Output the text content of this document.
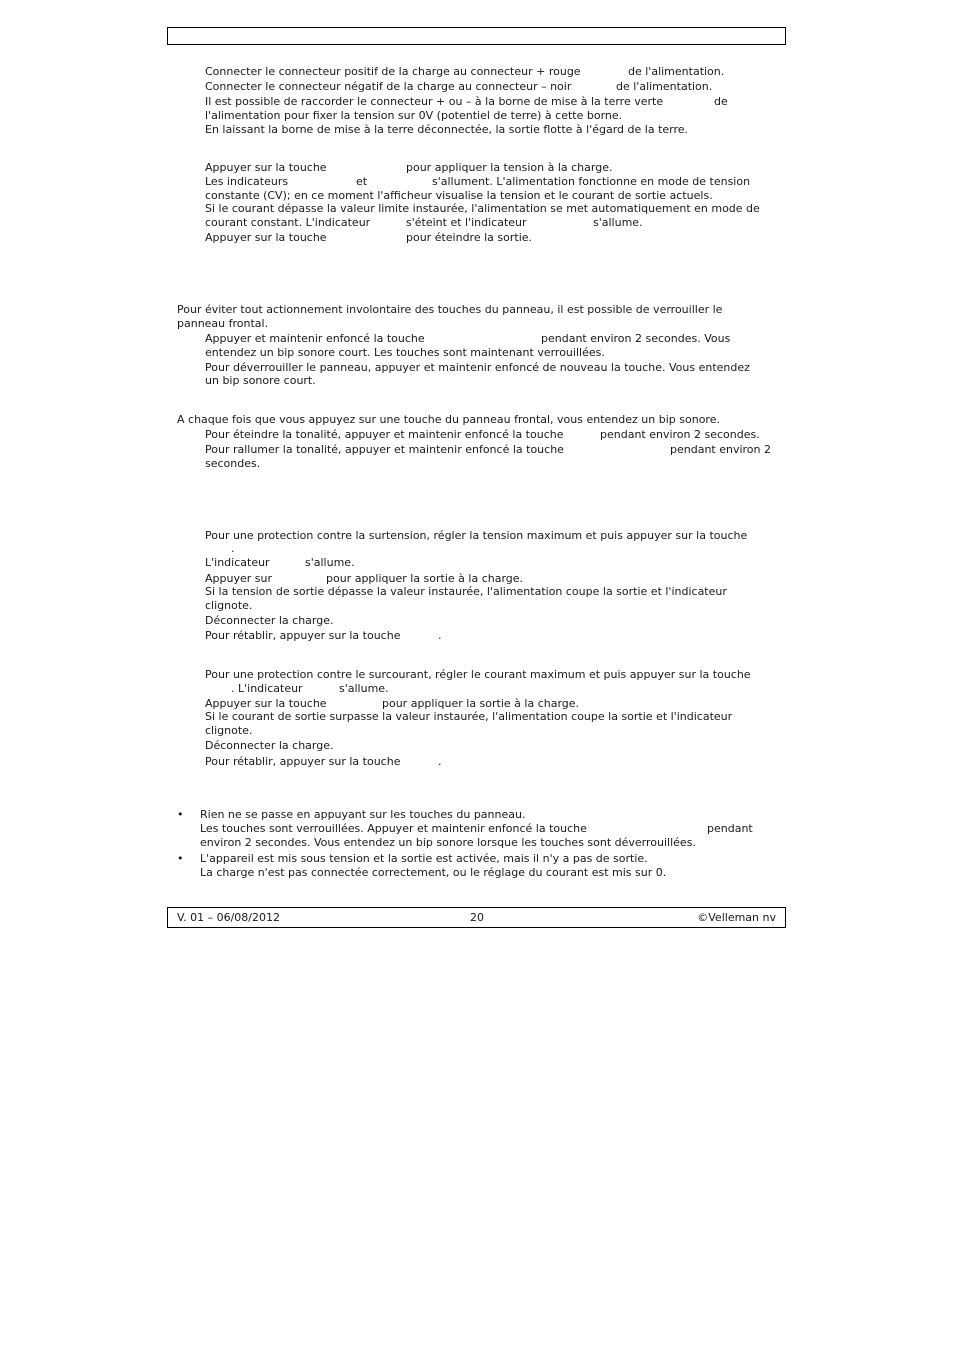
Connecter le connecteur positif de la charge au connecteur + rouge	de l'alimentation.
Connecter le connecteur négatif de la charge au connecteur – noir	de l'alimentation.
Il est possible de raccorder le connecteur + ou – à la borne de mise à la terre verte	de
l'alimentation pour fixer la tension sur 0V (potentiel de terre) à cette borne.
En laissant la borne de mise à la terre déconnectée, la sortie flotte à l'égard de la terre.
Appuyer sur la touche	pour appliquer la tension à la charge.
Les indicateurs	et	s'allument. L'alimentation fonctionne en mode de tension
constante (CV); en ce moment l'afficheur visualise la tension et le courant de sortie actuels.
Si le courant dépasse la valeur limite instaurée, l'alimentation se met automatiquement en mode de
courant constant. L'indicateur	s'éteint et l'indicateur	s'allume.
Appuyer sur la touche	pour éteindre la sortie.
Pour éviter tout actionnement involontaire des touches du panneau, il est possible de verrouiller le
panneau frontal.
Appuyer et maintenir enfoncé la touche	pendant environ 2 secondes. Vous
entendez un bip sonore court. Les touches sont maintenant verrouillées.
Pour déverrouiller le panneau, appuyer et maintenir enfoncé de nouveau la touche. Vous entendez
un bip sonore court.
A chaque fois que vous appuyez sur une touche du panneau frontal, vous entendez un bip sonore.
Pour éteindre la tonalité, appuyer et maintenir enfoncé la touche	pendant environ 2 secondes.
Pour rallumer la tonalité, appuyer et maintenir enfoncé la touche	pendant environ 2
secondes.
Pour une protection contre la surtension, régler la tension maximum et puis appuyer sur la touche
.
L'indicateur	s'allume.
Appuyer sur	pour appliquer la sortie à la charge.
Si la tension de sortie dépasse la valeur instaurée, l'alimentation coupe la sortie et l'indicateur
clignote.
Déconnecter la charge.
Pour rétablir, appuyer sur la touche	.
Pour une protection contre le surcourant, régler le courant maximum et puis appuyer sur la touche
. L'indicateur	s'allume.
Appuyer sur la touche	pour appliquer la sortie à la charge.
Si le courant de sortie surpasse la valeur instaurée, l'alimentation coupe la sortie et l'indicateur
clignote.
Déconnecter la charge.
Pour rétablir, appuyer sur la touche	.
• Rien ne se passe en appuyant sur les touches du panneau.
Les touches sont verrouillées. Appuyer et maintenir enfoncé la touche	pendant
environ 2 secondes. Vous entendez un bip sonore lorsque les touches sont déverrouillées.
• L'appareil est mis sous tension et la sortie est activée, mais il n'y a pas de sortie.
La charge n'est pas connectée correctement, ou le réglage du courant est mis sur 0.
V. 01 – 06/08/2012	20	©Velleman nv
